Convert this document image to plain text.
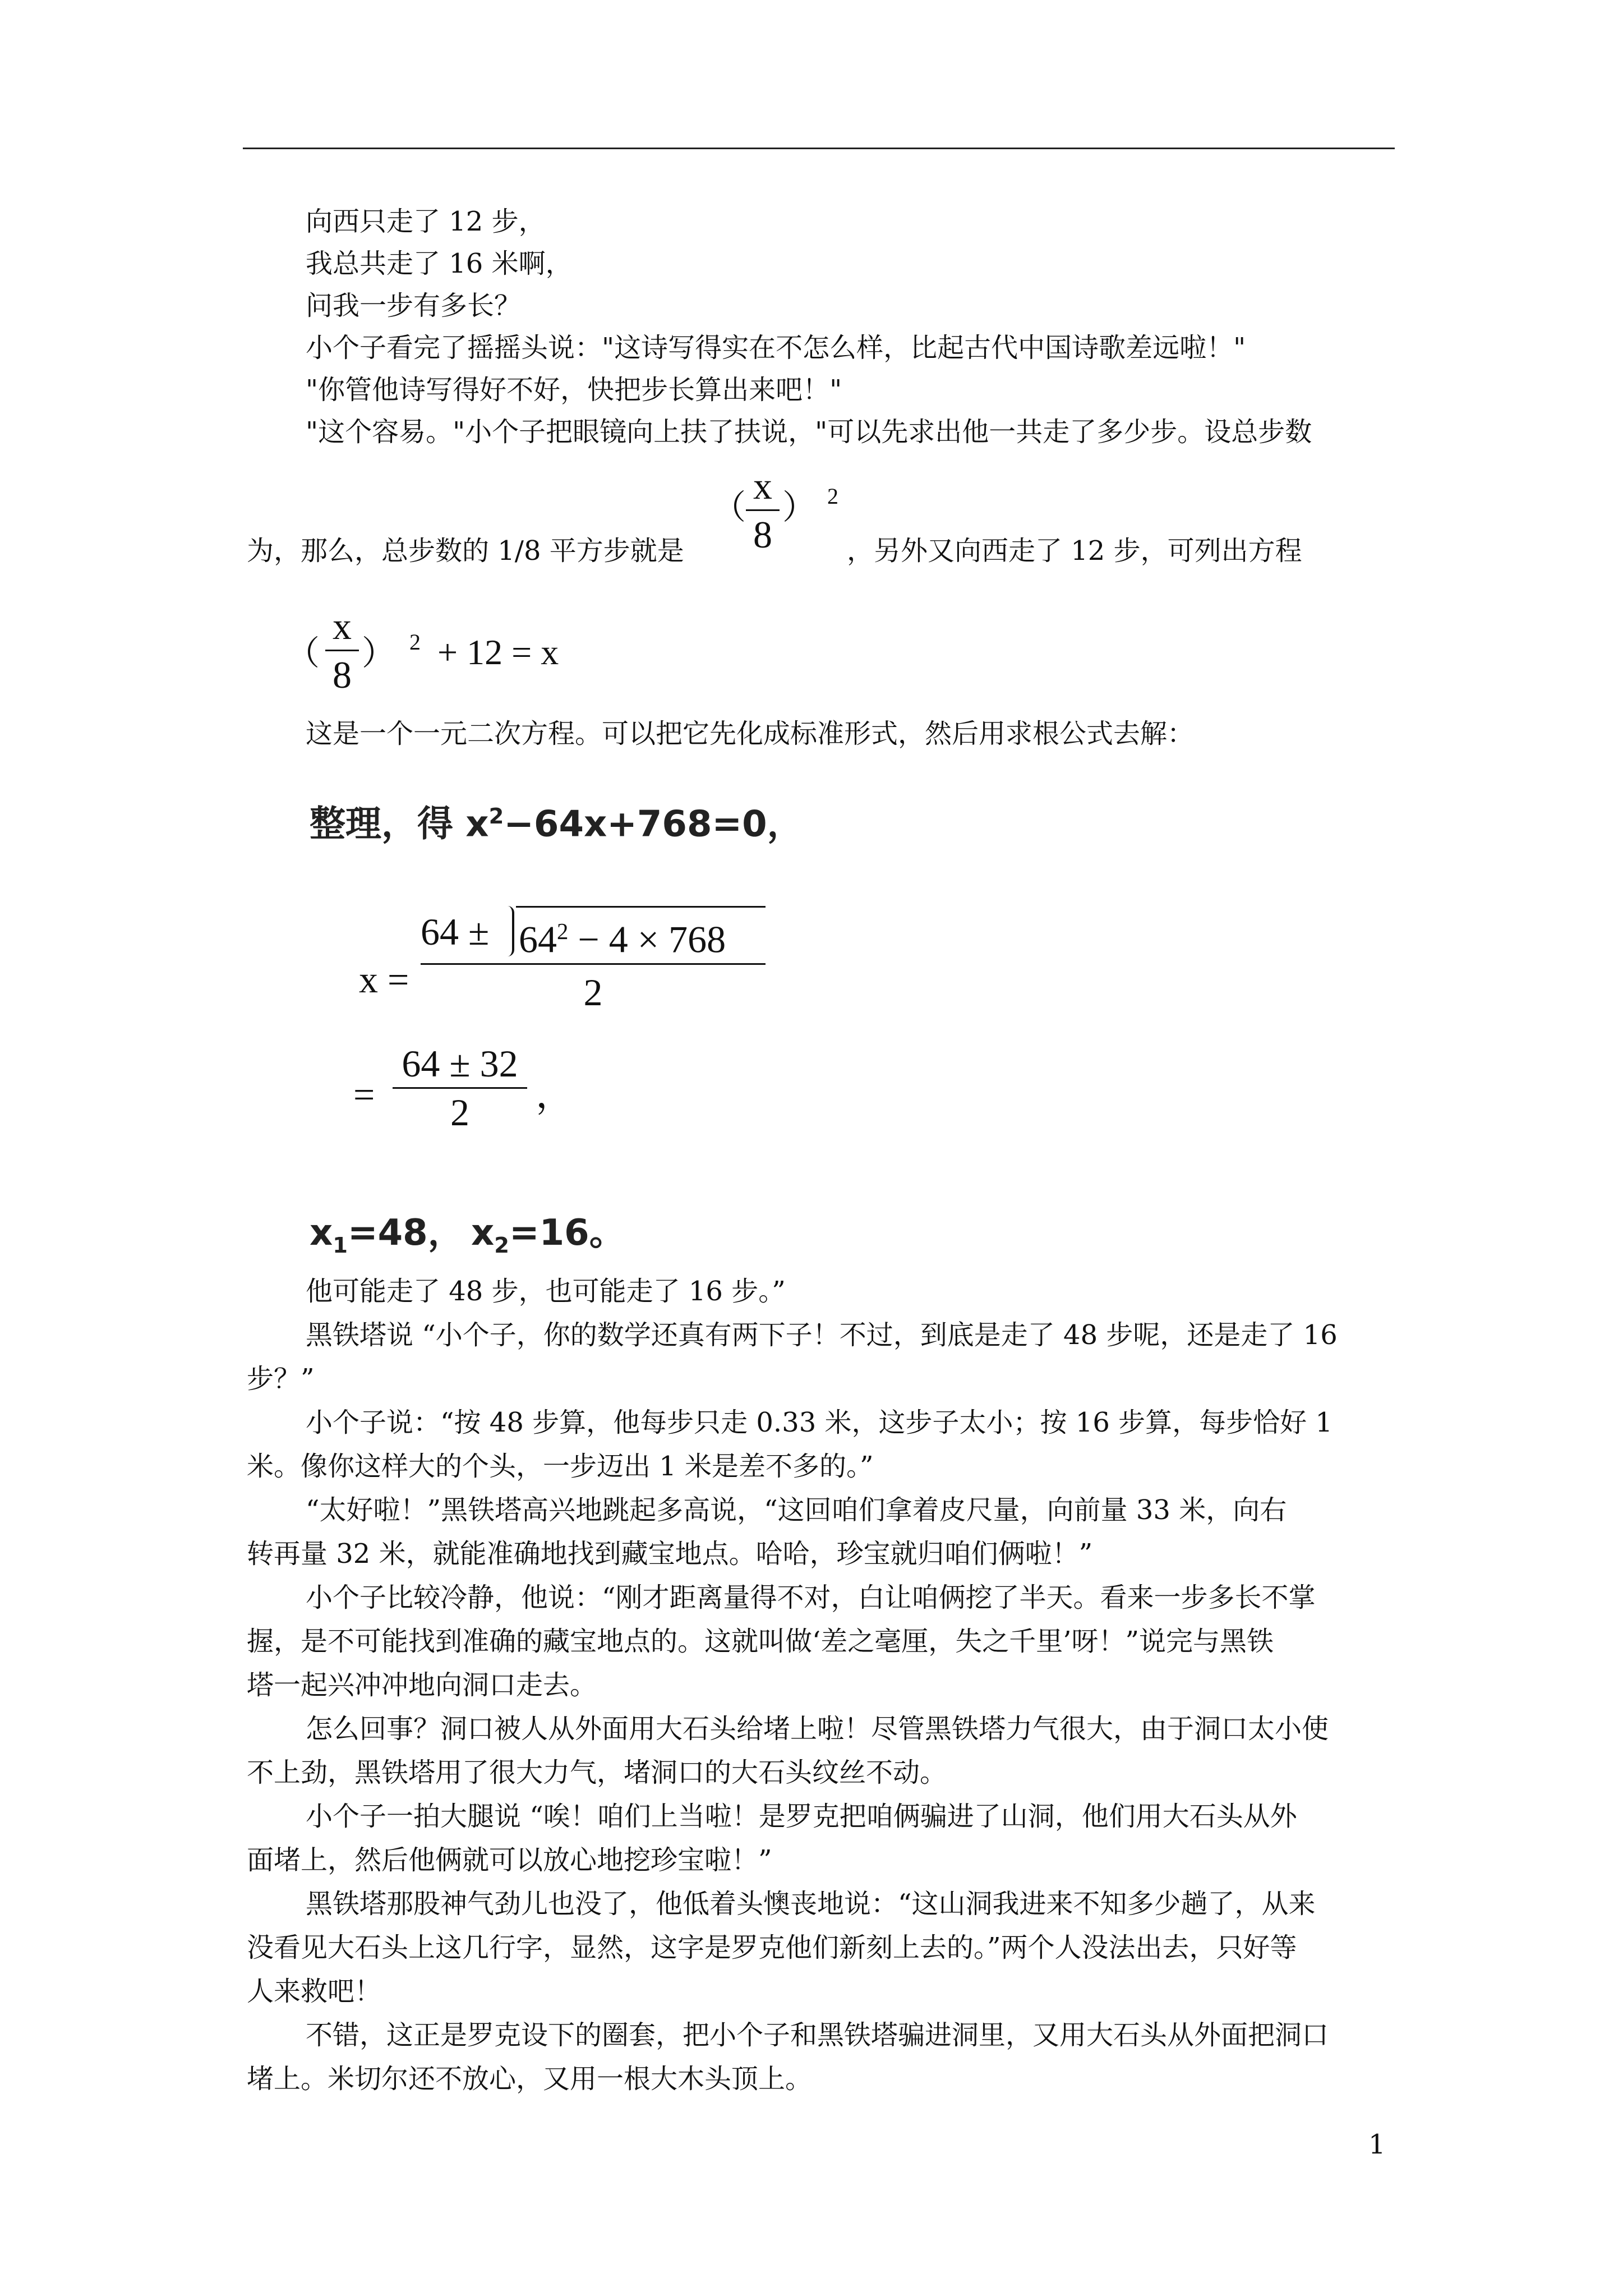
向西只走了 12 步，
我总共走了 16 米啊，
问我一步有多长？
小个子看完了摇摇头说："这诗写得实在不怎么样，比起古代中国诗歌差远啦！"
"你管他诗写得好不好，快把步长算出来吧！"
"这个容易。"小个子把眼镜向上扶了扶说，"可以先求出他一共走了多少步。设总步数
（
x
8
） 2
为，那么，总步数的 1/8 平方步就是	，另外又向西走了 12 步，可列出方程
（
x
8 ） 2 + 12 = x
这是一个一元二次方程。可以把它先化成标准形式，然后用求根公式去解：
整理，得 $x^2-64x+768=0$，
x =
$64 \pm 64^2 - 4 \times 768$
2
=
64 ± 32
2	，
$x_1=48$， $x_2=16$。
他可能走了 48 步，也可能走了 16 步。”
黑铁塔说 “小个子，你的数学还真有两下子！不过，到底是走了 48 步呢，还是走了 16
步？”
小个子说：“按 48 步算，他每步只走 0.33 米，这步子太小；按 16 步算，每步恰好 1
米。像你这样大的个头，一步迈出 1 米是差不多的。”
“太好啦！”黑铁塔高兴地跳起多高说，“这回咱们拿着皮尺量，向前量 33 米，向右
转再量 32 米，就能准确地找到藏宝地点。哈哈，珍宝就归咱们俩啦！”
小个子比较冷静，他说：“刚才距离量得不对，白让咱俩挖了半天。看来一步多长不掌
握，是不可能找到准确的藏宝地点的。这就叫做‘差之毫厘，失之千里’呀！”说完与黑铁
塔一起兴冲冲地向洞口走去。
怎么回事？洞口被人从外面用大石头给堵上啦！尽管黑铁塔力气很大，由于洞口太小使
不上劲，黑铁塔用了很大力气，堵洞口的大石头纹丝不动。
小个子一拍大腿说 “唉！咱们上当啦！是罗克把咱俩骗进了山洞，他们用大石头从外
面堵上，然后他俩就可以放心地挖珍宝啦！”
黑铁塔那股神气劲儿也没了，他低着头懊丧地说：“这山洞我进来不知多少趟了，从来
没看见大石头上这几行字，显然，这字是罗克他们新刻上去的。”两个人没法出去，只好等
人来救吧！
不错，这正是罗克设下的圈套，把小个子和黑铁塔骗进洞里，又用大石头从外面把洞口
堵上。米切尔还不放心，又用一根大木头顶上。
1
